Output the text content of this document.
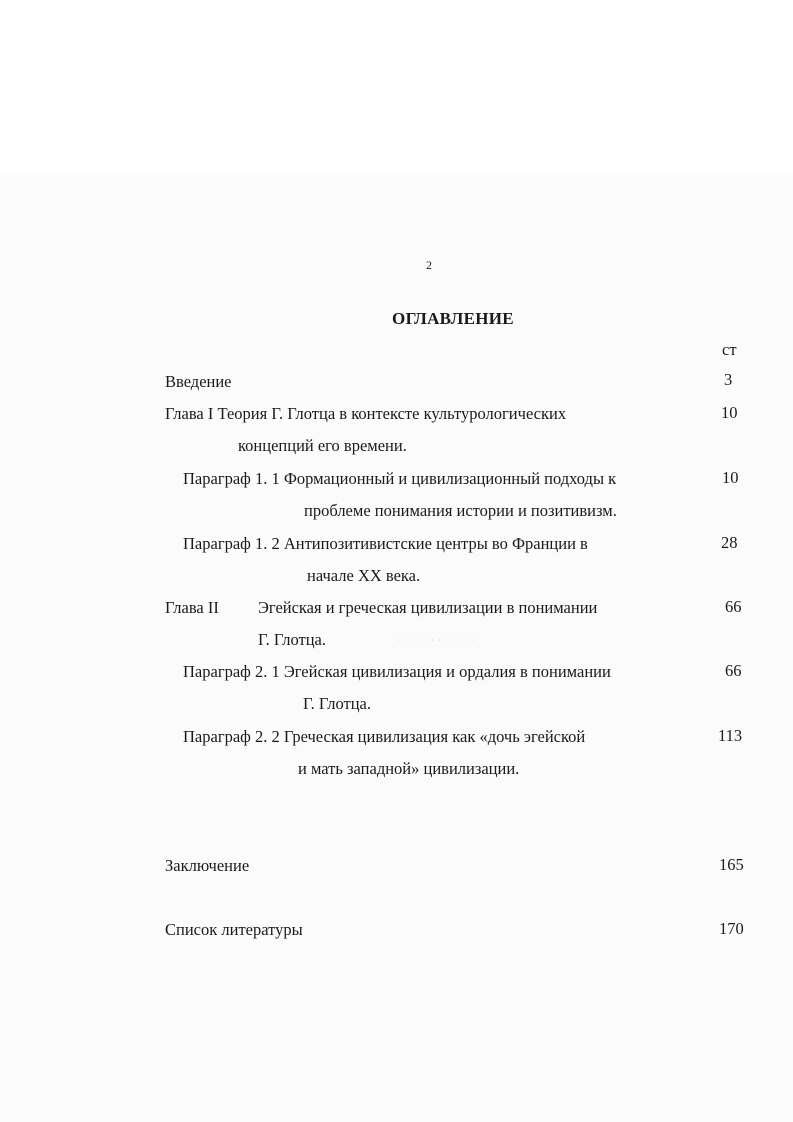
2
ОГЛАВЛЕНИЕ
ст
Введение	3
Глава I Теория Г. Глотца в контексте культурологических	10
концепций его времени.
Параграф 1. 1 Формационный и цивилизационный подходы к	10
проблеме понимания истории и позитивизм.
Параграф 1. 2 Антипозитивистские центры во Франции в	28
начале XX века.
Глава II Эгейская и греческая цивилизации в понимании	66
Г. Глотца.	· · · · · · · · · · · ·
Параграф 2. 1 Эгейская цивилизация и ордалия в понимании	66
Г. Глотца.
Параграф 2. 2 Греческая цивилизация как «дочь эгейской	113
и мать западной» цивилизации.
Заключение	165
Список литературы	170
